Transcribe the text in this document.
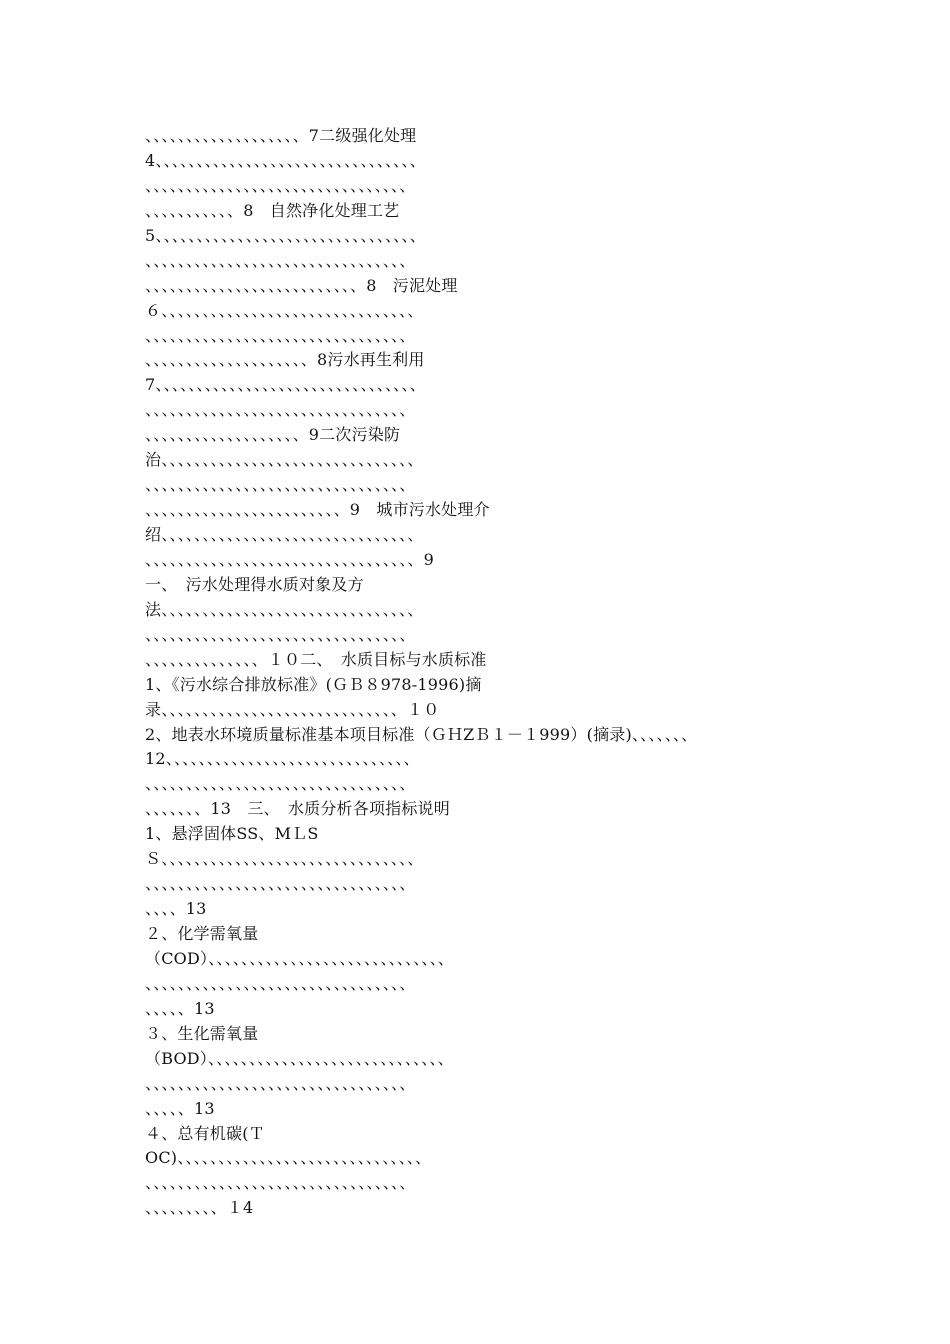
、、、、、、、、、、、、、、、、、、、7二级强化处理
4、、、、、、、、、、、、、、、、、、、、、、、、、、、、、、、、
、、、、、、、、、、、、、、、、、、、、、、、、、、、、、、、、
、、、、、、、、、、、8　自然净化处理工艺
5、、、、、、、、、、、、、、、、、、、、、、、、、、、、、、、、
、、、、、、、、、、、、、、、、、、、、、、、、、、、、、、、、
、、、、、、、、、、、、、、、、、、、、、、、、、、8　污泥处理
６、、、、、、、、、、、、、、、、、、、、、、、、、、、、、、、
、、、、、、、、、、、、、、、、、、、、、、、、、、、、、、、、
、、、、、、、、、、、、、、、、、、、、8污水再生利用
7、、、、、、、、、、、、、、、、、、、、、、、、、、、、、、、、
、、、、、、、、、、、、、、、、、、、、、、、、、、、、、、、、
、、、、、、、、、、、、、、、、、、、9二次污染防
治、、、、、、、、、、、、、、、、、、、、、、、、、、、、、、、
、、、、、、、、、、、、、、、、、、、、、、、、、、、、、、、、
、、、、、、、、、、、、、、、、、、、、、、、、9　城市污水处理介
绍、、、、、、、、、、、、、、、、、、、、、、、、、、、、、、、
、、、、、、、、、、、、、、、、、、、、、、、、、、、、、、、、、9
一、　污水处理得水质对象及方
法、、、、、、、、、、、、、、、、、、、、、、、、、、、、、、、
、、、、、、、、、、、、、、、、、、、、、、、、、、、、、、、、
、、、、、、、、、、、、、、１０二、　水质目标与水质标准
1、《污水综合排放标准》(ＧＢ８978-1996)摘
录、、、、、、、、、、、、、、、、、、、、、、、、、、、、、１０
2、地表水环境质量标准基本项目标准（ＧＨZＢ１－１999）(摘录)、、、、、、、
12、、、、、、、、、、、、、、、、、、、、、、、、、、、、、、
、、、、、、、、、、、、、、、、、、、、、、、、、、、、、、、、
、、、、、、、13　三、　水质分析各项指标说明
1、悬浮固体SS、MＬS
Ｓ、、、、、、、、、、、、、、、、、、、、、、、、、、、、、、、
、、、、、、、、、、、、、、、、、、、、、、、、、、、、、、、、
、、、、13
２、化学需氧量
（COD）、、、、、、、、、、、、、、、、、、、、、、、、、、、、、
、、、、、、、、、、、、、、、、、、、、、、、、、、、、、、、、
、、、、、13
３、生化需氧量
（BOD）、、、、、、、、、、、、、、、、、、、、、、、、、、、、、
、、、、、、、、、、、、、、、、、、、、、、、、、、、、、、、、
、、、、、13
４、总有机碳(Ｔ
OC)、、、、、、、、、、、、、、、、、、、、、、、、、、、、、、
、、、、、、、、、、、、、、、、、、、、、、、、、、、、、、、、
、、、、、、、、、１4
